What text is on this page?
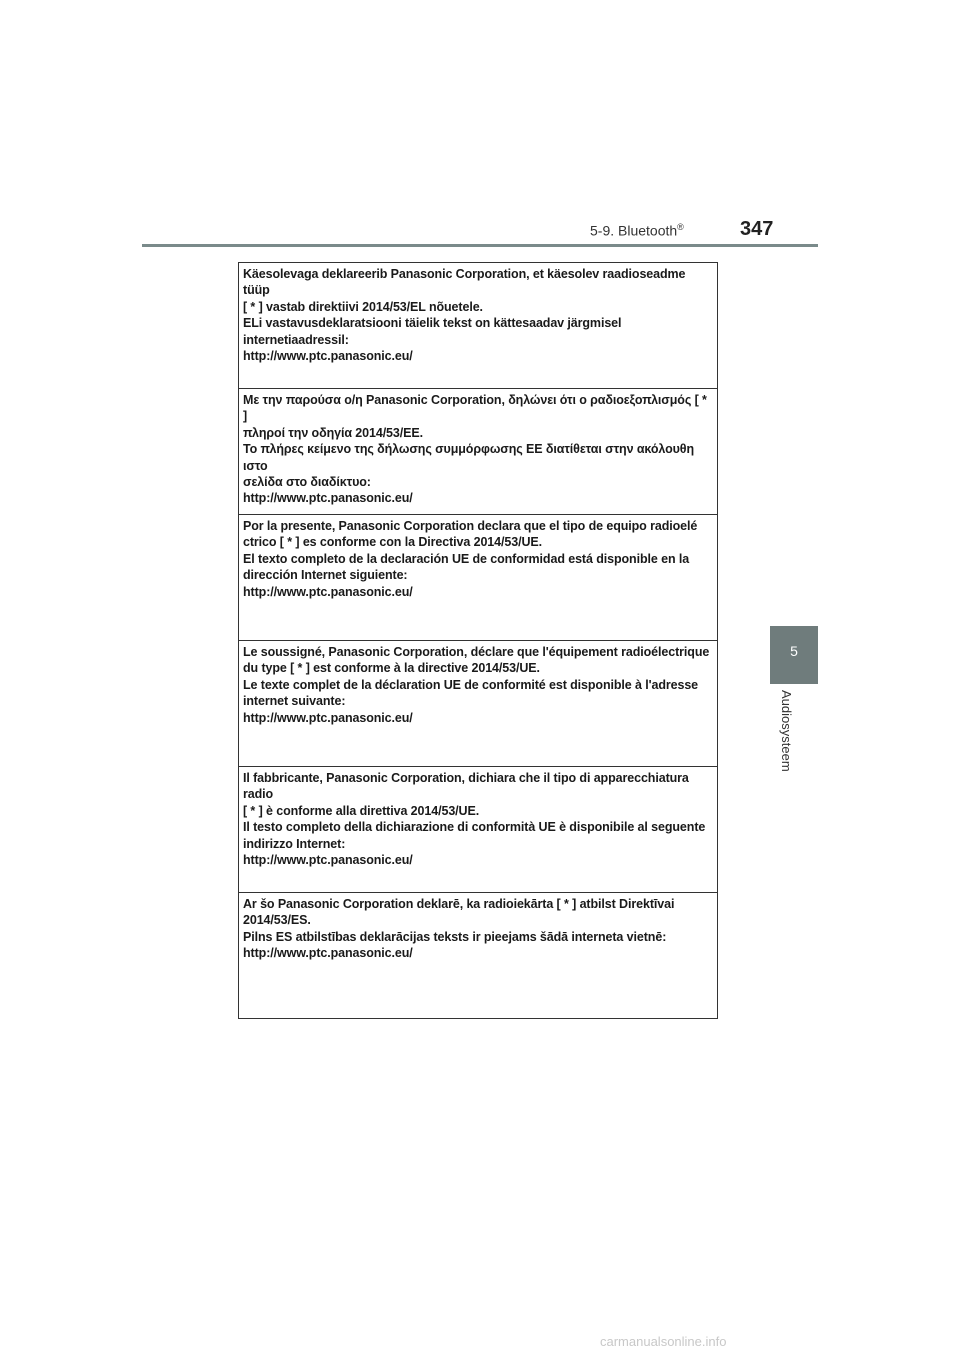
5-9. Bluetooth®	347
5
Audiosysteem
Käesolevaga deklareerib Panasonic Corporation, et käesolev raadioseadme tüüp
[ * ] vastab direktiivi 2014/53/EL nõuetele.
ELi vastavusdeklaratsiooni täielik tekst on kättesaadav järgmisel
internetiaadressil:
http://www.ptc.panasonic.eu/

Με την παρούσα ο/η Panasonic Corporation, δηλώνει ότι ο ραδιοεξοπλισμός [ * ]
πληροί την οδηγία 2014/53/ΕΕ.
Το πλήρες κείμενο της δήλωσης συμμόρφωσης ΕΕ διατίθεται στην ακόλουθη ιστο
σελίδα στο διαδίκτυο:
http://www.ptc.panasonic.eu/

Por la presente, Panasonic Corporation declara que el tipo de equipo radioelé
ctrico [ * ] es conforme con la Directiva 2014/53/UE.
El texto completo de la declaración UE de conformidad está disponible en la
dirección Internet siguiente:
http://www.ptc.panasonic.eu/

Le soussigné, Panasonic Corporation, déclare que l'équipement radioélectrique
du type [ * ] est conforme à la directive 2014/53/UE.
Le texte complet de la déclaration UE de conformité est disponible à l'adresse
internet suivante:
http://www.ptc.panasonic.eu/

Il fabbricante, Panasonic Corporation, dichiara che il tipo di apparecchiatura radio
[ * ] è conforme alla direttiva 2014/53/UE.
Il testo completo della dichiarazione di conformità UE è disponibile al seguente
indirizzo Internet:
http://www.ptc.panasonic.eu/

Ar šo Panasonic Corporation deklarē, ka radioiekārta [ * ] atbilst Direktīvai
2014/53/ES.
Pilns ES atbilstības deklarācijas teksts ir pieejams šādā interneta vietnē:
http://www.ptc.panasonic.eu/
carmanualsonline.info
